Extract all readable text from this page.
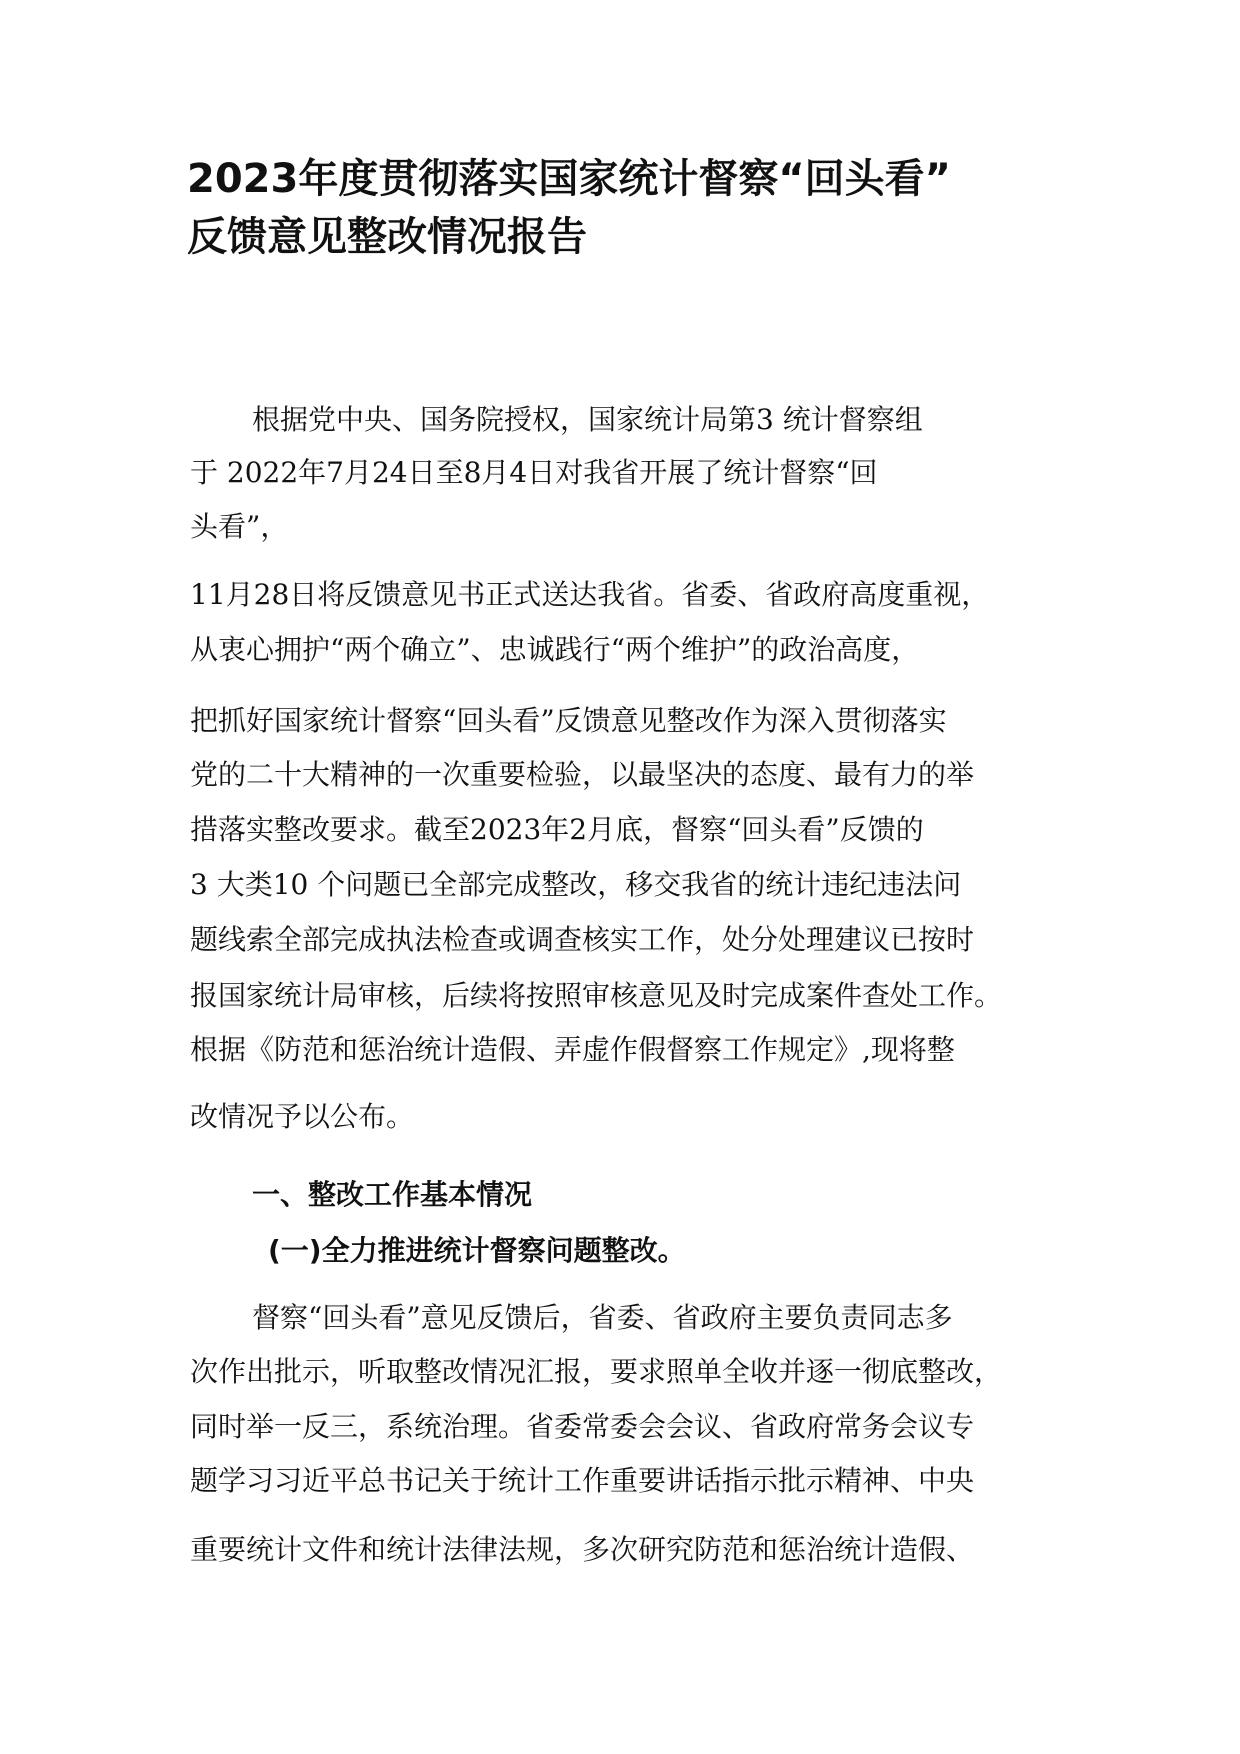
2023年度贯彻落实国家统计督察“回头看”
反馈意见整改情况报告

根据党中央、国务院授权，国家统计局第3 统计督察组

于 2022年7月24日至8月4日对我省开展了统计督察“回

头看”，

11月28日将反馈意见书正式送达我省。省委、省政府高度重视，

从衷心拥护“两个确立”、忠诚践行“两个维护”的政治高度，

把抓好国家统计督察“回头看”反馈意见整改作为深入贯彻落实

党的二十大精神的一次重要检验，以最坚决的态度、最有力的举

措落实整改要求。截至2023年2月底，督察“回头看”反馈的

3 大类10 个问题已全部完成整改，移交我省的统计违纪违法问

题线索全部完成执法检查或调查核实工作，处分处理建议已按时

报国家统计局审核，后续将按照审核意见及时完成案件查处工作。

根据《防范和惩治统计造假、弄虚作假督察工作规定》,现将整

改情况予以公布。

一、整改工作基本情况

(一)全力推进统计督察问题整改。

督察“回头看”意见反馈后，省委、省政府主要负责同志多

次作出批示，听取整改情况汇报，要求照单全收并逐一彻底整改，

同时举一反三，系统治理。省委常委会会议、省政府常务会议专

题学习习近平总书记关于统计工作重要讲话指示批示精神、中央

重要统计文件和统计法律法规，多次研究防范和惩治统计造假、
